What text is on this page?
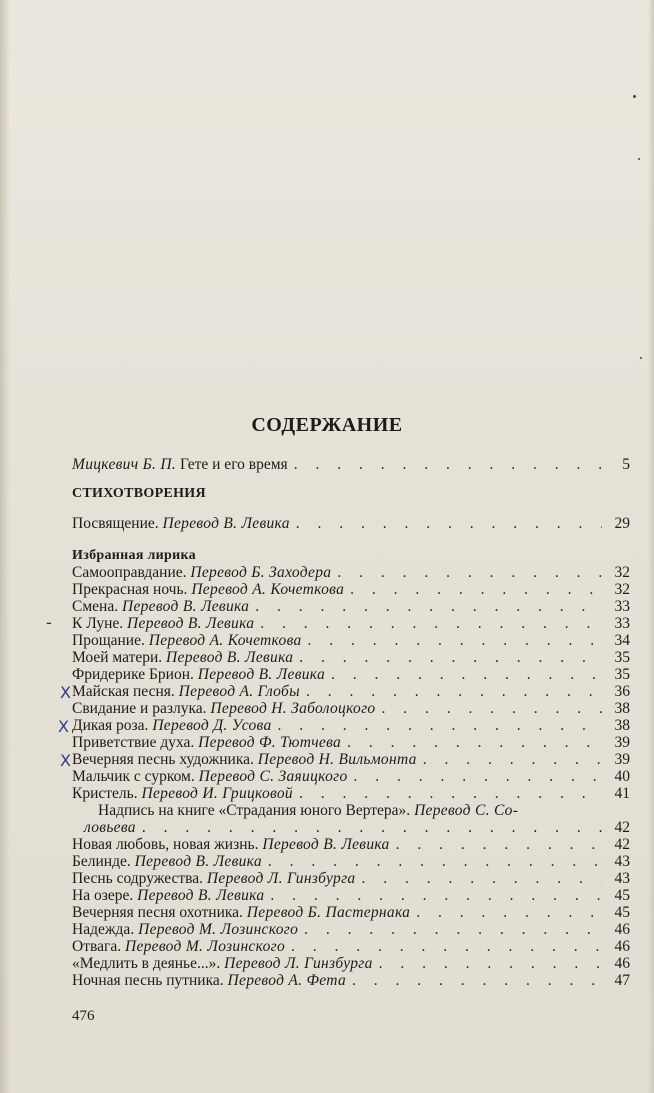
СОДЕРЖАНИЕ
Мицкевич Б. П. Гете и его время . . .	5
СТИХОТВОРЕНИЯ
Посвящение. Перевод В. Левика . . .	29
Избранная лирика
Самооправдание. Перевод Б. Заходера . . .	32
Прекрасная ночь. Перевод А. Кочеткова . . .	32
Смена. Перевод В. Левика . . .	33
К Луне. Перевод В. Левика . . .	33
Прощание. Перевод А. Кочеткова . . .	34
Моей матери. Перевод В. Левика . . .	35
Фридерике Брион. Перевод В. Левика . . .	35
Майская песня. Перевод А. Глобы . . .	36
Свидание и разлука. Перевод Н. Заболоцкого . . .	38
Дикая роза. Перевод Д. Усова . . .	38
Приветствие духа. Перевод Ф. Тютчева . . .	39
Вечерняя песнь художника. Перевод Н. Вильмонта . . .	39
Мальчик с сурком. Перевод С. Заяицкого . . .	40
Кристель. Перевод И. Грицковой . . .	41
Надпись на книге «Страдания юного Вертера». Перевод С. Со-
ловьева . . .	42
Новая любовь, новая жизнь. Перевод В. Левика . . .	42
Белинде. Перевод В. Левика . . .	43
Песнь содружества. Перевод Л. Гинзбурга . . .	43
На озере. Перевод В. Левика . . .	45
Вечерняя песня охотника. Перевод Б. Пастернака . . .	45
Надежда. Перевод М. Лозинского . . .	46
Отвага. Перевод М. Лозинского . . .	46
«Медлить в деянье...». Перевод Л. Гинзбурга . . .	46
Ночная песнь путника. Перевод А. Фета . . .	47
X
X
X
-
476
